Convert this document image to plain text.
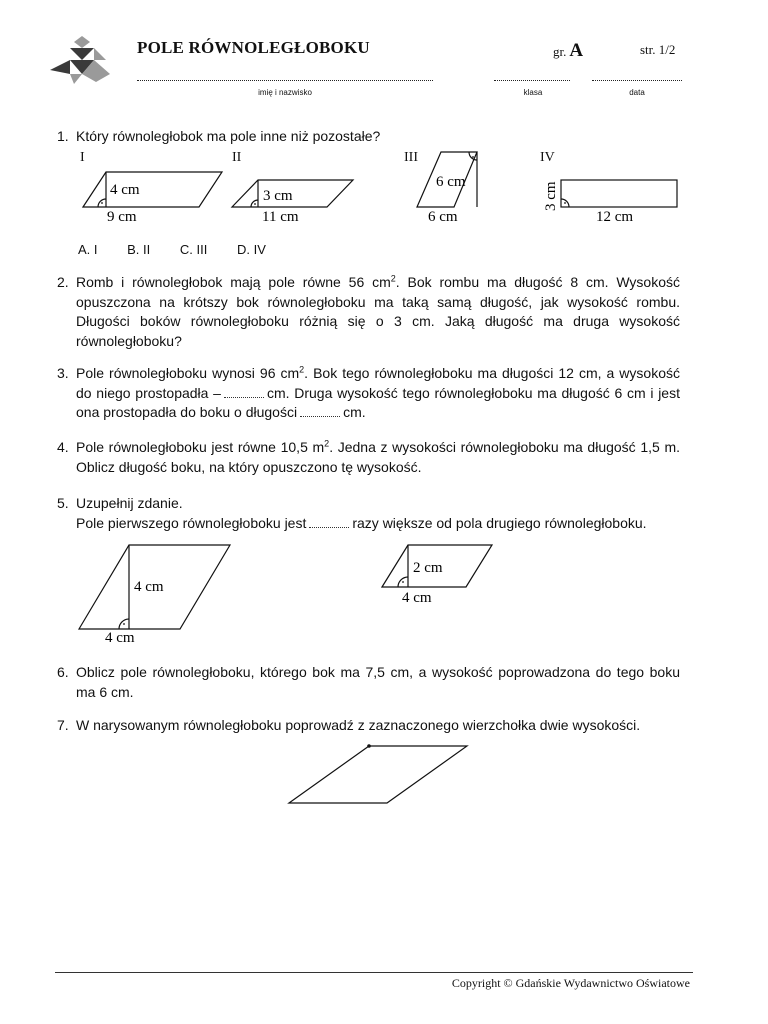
POLE RÓWNOLEGŁOBOKU	gr. A	str. 1/2
imię i nazwisko	klasa	data
1. Który równoległobok ma pole inne niż pozostałe?
I	II	III	IV
4 cm
9 cm
3 cm
11 cm
6 cm
6 cm
3 cm
12 cm
A. I B. II C. III D. IV
2. Romb i równoległobok mają pole równe 56 $cm^2$. Bok rombu ma długość 8 cm. Wysokość opuszczona na krótszy bok równoległoboku ma taką samą długość, jak wysokość rombu. Długości boków równoległoboku różnią się o 3 cm. Jaką długość ma druga wysokość równoległoboku?
3. Pole równoległoboku wynosi 96 $cm^2$. Bok tego równoległoboku ma długości 12 cm, a wysokość do niego prostopadła –	cm. Druga wysokość tego równoległoboku ma długość 6 cm i jest ona prostopadła do boku o długości	cm.
4. Pole równoległoboku jest równe 10,5 $m^2$. Jedna z wysokości równoległoboku ma długość 1,5 m. Oblicz długość boku, na który opuszczono tę wysokość.
5. Uzupełnij zdanie.
Pole pierwszego równoległoboku jest	razy większe od pola drugiego równoległoboku.
4 cm
4 cm
2 cm
4 cm
6. Oblicz pole równoległoboku, którego bok ma 7,5 cm, a wysokość poprowadzona do tego boku ma 6 cm.
7. W narysowanym równoległoboku poprowadź z zaznaczonego wierzchołka dwie wysokości.
Copyright © Gdańskie Wydawnictwo Oświatowe
